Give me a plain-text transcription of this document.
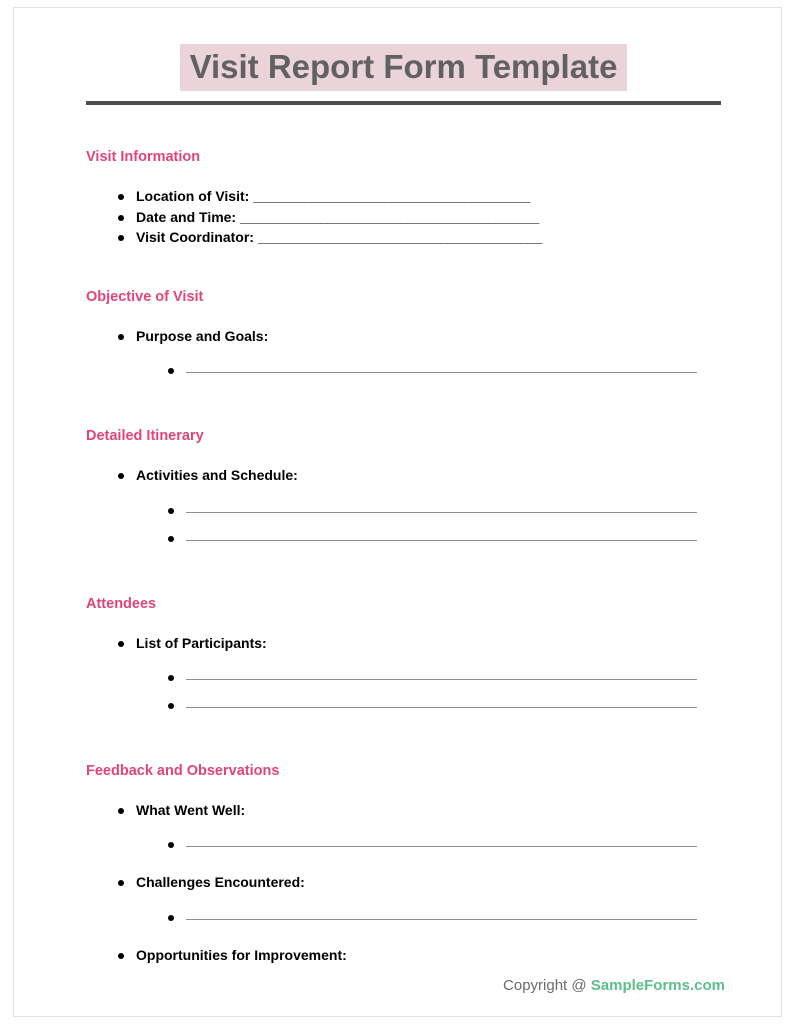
Visit Report Form Template
Visit Information
Location of Visit: ______________________________________
Date and Time: _________________________________________
Visit Coordinator: _______________________________________
Objective of Visit
Purpose and Goals:
Detailed Itinerary
Activities and Schedule:
Attendees
List of Participants:
Feedback and Observations
What Went Well:
Challenges Encountered:
Opportunities for Improvement:
Copyright @ SampleForms.com
